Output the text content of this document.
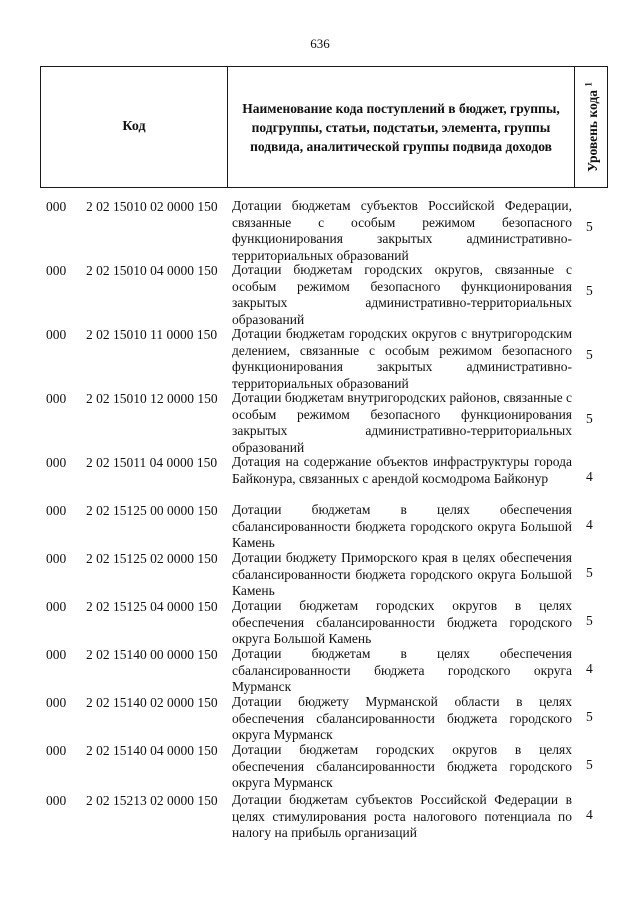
636
Код
Наименование кода поступлений в бюджет, группы, подгруппы, статьи, подстатьи, элемента, группы подвида, аналитической группы подвида доходов	Уровень кода $^1$
000 2 02 15010 02 0000 150 Дотации бюджетам субъектов Российской Федерации, связанные с особым режимом безопасного функционирования закрытых административно-территориальных образований
5
000 2 02 15010 04 0000 150 Дотации бюджетам городских округов, связанные с особым режимом безопасного функционирования закрытых административно-территориальных образований
5
000 2 02 15010 11 0000 150 Дотации бюджетам городских округов с внутригородским делением, связанные с особым режимом безопасного функционирования закрытых административно-территориальных образований
5
000 2 02 15010 12 0000 150 Дотации бюджетам внутригородских районов, связанные с особым режимом безопасного функционирования закрытых административно-территориальных образований
5
000 2 02 15011 04 0000 150 Дотация на содержание объектов инфраструктуры города Байконура, связанных с арендой космодрома Байконур	4
000 2 02 15125 00 0000 150 Дотации бюджетам в целях обеспечения сбалансированности бюджета городского округа Большой Камень
4
000 2 02 15125 02 0000 150 Дотации бюджету Приморского края в целях обеспечения сбалансированности бюджета городского округа Большой Камень
5
000 2 02 15125 04 0000 150 Дотации бюджетам городских округов в целях обеспечения сбалансированности бюджета городского округа Большой Камень
5
000 2 02 15140 00 0000 150 Дотации бюджетам в целях обеспечения сбалансированности бюджета городского округа Мурманск
4
000 2 02 15140 02 0000 150 Дотации бюджету Мурманской области в целях обеспечения сбалансированности бюджета городского округа Мурманск
5
000 2 02 15140 04 0000 150 Дотации бюджетам городских округов в целях обеспечения сбалансированности бюджета городского округа Мурманск
5
000 2 02 15213 02 0000 150 Дотации бюджетам субъектов Российской Федерации в целях стимулирования роста налогового потенциала по налогу на прибыль организаций
4
